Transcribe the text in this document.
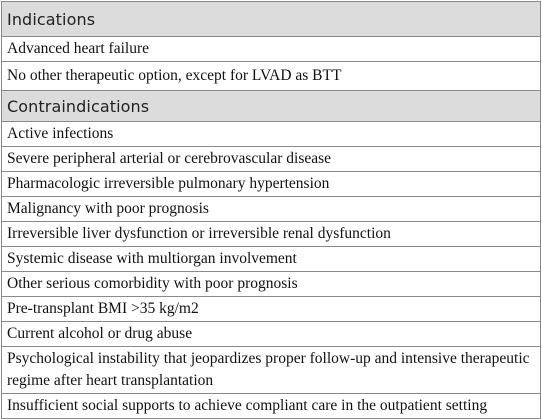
Indications
Advanced heart failure
No other therapeutic option, except for LVAD as BTT
Contraindications
Active infections
Severe peripheral arterial or cerebrovascular disease
Pharmacologic irreversible pulmonary hypertension
Malignancy with poor prognosis
Irreversible liver dysfunction or irreversible renal dysfunction
Systemic disease with multiorgan involvement
Other serious comorbidity with poor prognosis
Pre-transplant BMI >35 kg/m2
Current alcohol or drug abuse
Psychological instability that jeopardizes proper follow-up and intensive therapeutic regime after heart transplantation
Insufficient social supports to achieve compliant care in the outpatient setting
